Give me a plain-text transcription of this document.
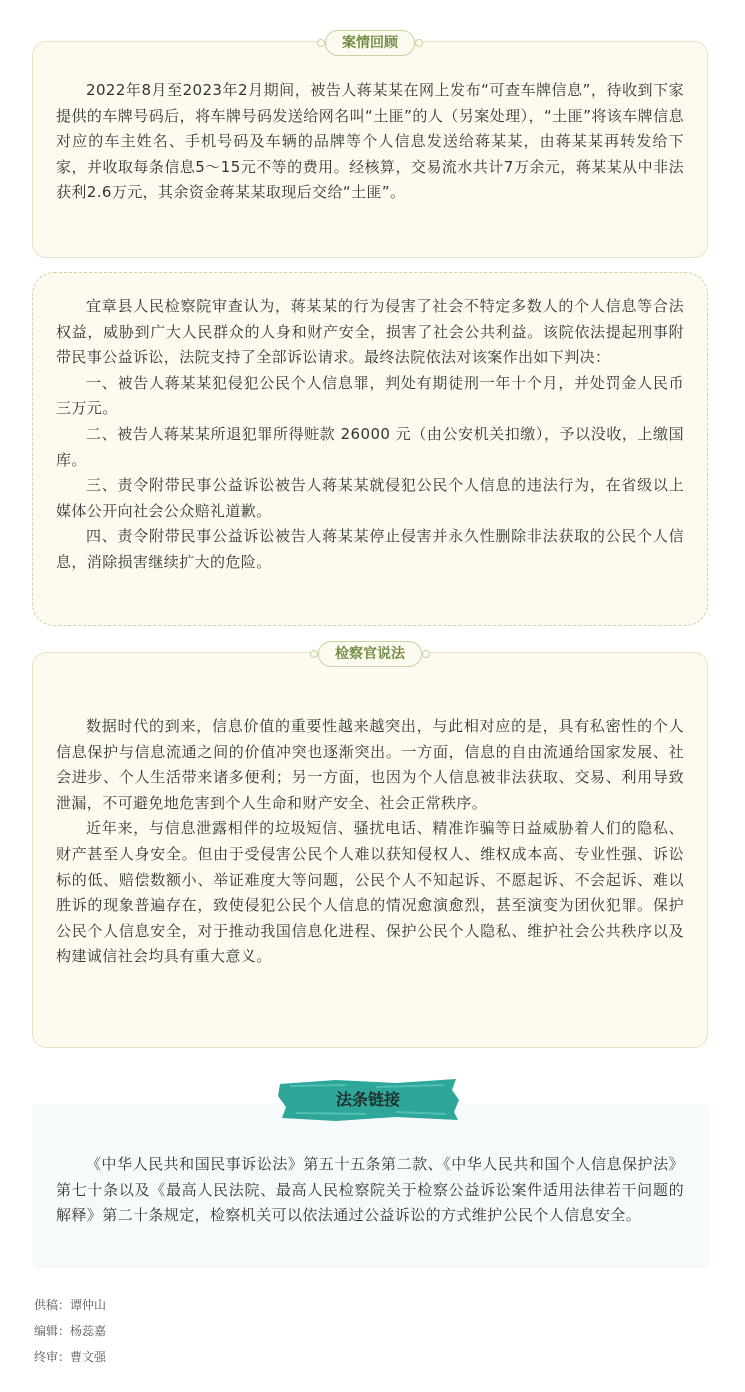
案情回顾

2022年8月至2023年2月期间，被告人蒋某某在网上发布“可查车牌信息”，待收到下家提供的车牌号码后，将车牌号码发送给网名叫“土匪”的人（另案处理），“土匪”将该车牌信息对应的车主姓名、手机号码及车辆的品牌等个人信息发送给蒋某某，由蒋某某再转发给下家，并收取每条信息5～15元不等的费用。经核算，交易流水共计7万余元，蒋某某从中非法获利2.6万元，其余资金蒋某某取现后交给“土匪”。

宜章县人民检察院审查认为，蒋某某的行为侵害了社会不特定多数人的个人信息等合法权益，威胁到广大人民群众的人身和财产安全，损害了社会公共利益。该院依法提起刑事附带民事公益诉讼，法院支持了全部诉讼请求。最终法院依法对该案作出如下判决：

一、被告人蒋某某犯侵犯公民个人信息罪，判处有期徒刑一年十个月，并处罚金人民币三万元。

二、被告人蒋某某所退犯罪所得赃款 26000 元（由公安机关扣缴），予以没收，上缴国库。

三、责令附带民事公益诉讼被告人蒋某某就侵犯公民个人信息的违法行为，在省级以上媒体公开向社会公众赔礼道歉。

四、责令附带民事公益诉讼被告人蒋某某停止侵害并永久性删除非法获取的公民个人信息，消除损害继续扩大的危险。

检察官说法

数据时代的到来，信息价值的重要性越来越突出，与此相对应的是，具有私密性的个人信息保护与信息流通之间的价值冲突也逐渐突出。一方面，信息的自由流通给国家发展、社会进步、个人生活带来诸多便利；另一方面，也因为个人信息被非法获取、交易、利用导致泄漏，不可避免地危害到个人生命和财产安全、社会正常秩序。

近年来，与信息泄露相伴的垃圾短信、骚扰电话、精准诈骗等日益威胁着人们的隐私、财产甚至人身安全。但由于受侵害公民个人难以获知侵权人、维权成本高、专业性强、诉讼标的低、赔偿数额小、举证难度大等问题，公民个人不知起诉、不愿起诉、不会起诉、难以胜诉的现象普遍存在，致使侵犯公民个人信息的情况愈演愈烈，甚至演变为团伙犯罪。保护公民个人信息安全，对于推动我国信息化进程、保护公民个人隐私、维护社会公共秩序以及构建诚信社会均具有重大意义。

法条链接

《中华人民共和国民事诉讼法》第五十五条第二款、《中华人民共和国个人信息保护法》第七十条以及《最高人民法院、最高人民检察院关于检察公益诉讼案件适用法律若干问题的解释》第二十条规定，检察机关可以依法通过公益诉讼的方式维护公民个人信息安全。

供稿：谭仲山
编辑：杨蕊嘉
终审：曹文强
